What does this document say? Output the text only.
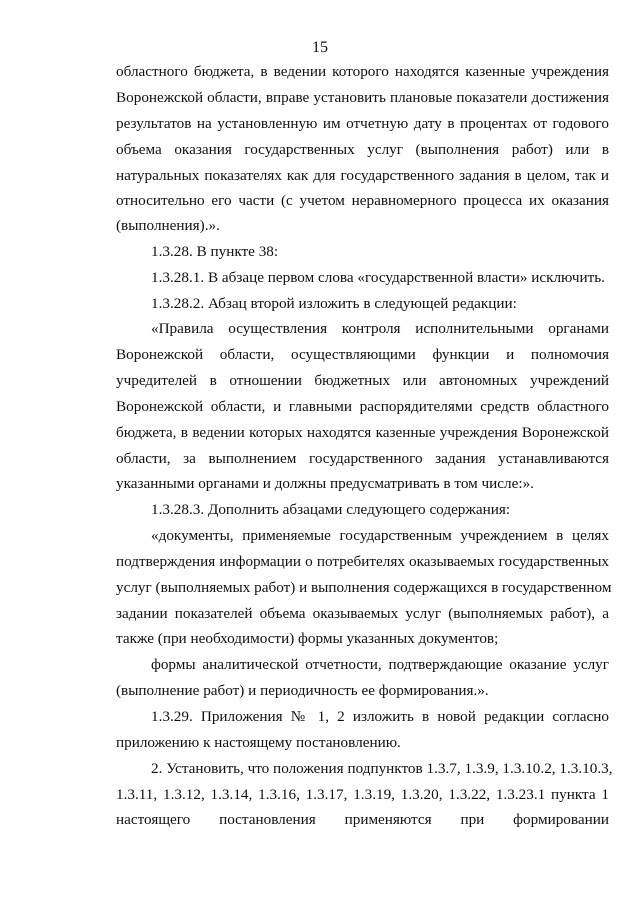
15
областного бюджета, в ведении которого находятся казенные учреждения
Воронежской области, вправе установить плановые показатели достижения
результатов на установленную им отчетную дату в процентах от годового
объема оказания государственных услуг (выполнения работ) или в
натуральных показателях как для государственного задания в целом, так и
относительно его части (с учетом неравномерного процесса их оказания
(выполнения).».
1.3.28. В пункте 38:
1.3.28.1. В абзаце первом слова «государственной власти» исключить.
1.3.28.2. Абзац второй изложить в следующей редакции:
«Правила осуществления контроля исполнительными органами
Воронежской области, осуществляющими функции и полномочия
учредителей в отношении бюджетных или автономных учреждений
Воронежской области, и главными распорядителями средств областного
бюджета, в ведении которых находятся казенные учреждения Воронежской
области, за выполнением государственного задания устанавливаются
указанными органами и должны предусматривать в том числе:».
1.3.28.3. Дополнить абзацами следующего содержания:
«документы, применяемые государственным учреждением в целях
подтверждения информации о потребителях оказываемых государственных
услуг (выполняемых работ) и выполнения содержащихся в государственном
задании показателей объема оказываемых услуг (выполняемых работ), а
также (при необходимости) формы указанных документов;
формы аналитической отчетности, подтверждающие оказание услуг
(выполнение работ) и периодичность ее формирования.».
1.3.29. Приложения № 1, 2 изложить в новой редакции согласно
приложению к настоящему постановлению.
2. Установить, что положения подпунктов 1.3.7, 1.3.9, 1.3.10.2, 1.3.10.3,
1.3.11, 1.3.12, 1.3.14, 1.3.16, 1.3.17, 1.3.19, 1.3.20, 1.3.22, 1.3.23.1 пункта 1
настоящего постановления применяются при формировании
